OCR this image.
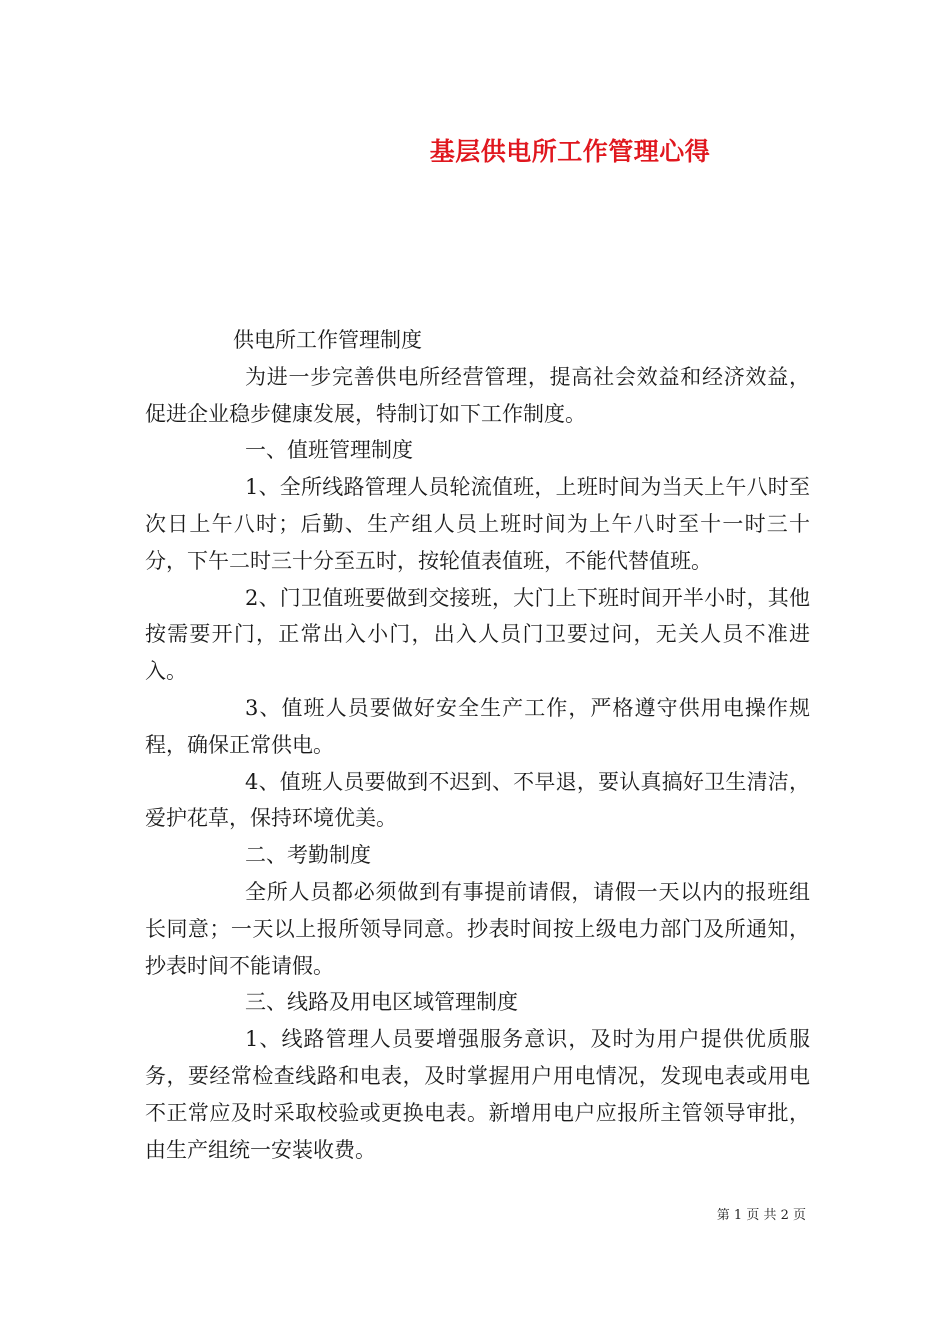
基层供电所工作管理心得

供电所工作管理制度

为进一步完善供电所经营管理，提高社会效益和经济效益，促进企业稳步健康发展，特制订如下工作制度。

一、值班管理制度

1、全所线路管理人员轮流值班，上班时间为当天上午八时至次日上午八时；后勤、生产组人员上班时间为上午八时至十一时三十分，下午二时三十分至五时，按轮值表值班，不能代替值班。

2、门卫值班要做到交接班，大门上下班时间开半小时，其他按需要开门，正常出入小门，出入人员门卫要过问，无关人员不准进入。

3、值班人员要做好安全生产工作，严格遵守供用电操作规程，确保正常供电。

4、值班人员要做到不迟到、不早退，要认真搞好卫生清洁，爱护花草，保持环境优美。

二、考勤制度

全所人员都必须做到有事提前请假，请假一天以内的报班组长同意；一天以上报所领导同意。抄表时间按上级电力部门及所通知，抄表时间不能请假。

三、线路及用电区域管理制度

1、线路管理人员要增强服务意识，及时为用户提供优质服务，要经常检查线路和电表，及时掌握用户用电情况，发现电表或用电不正常应及时采取校验或更换电表。新增用电户应报所主管领导审批，由生产组统一安装收费。

第 1 页 共 2 页
